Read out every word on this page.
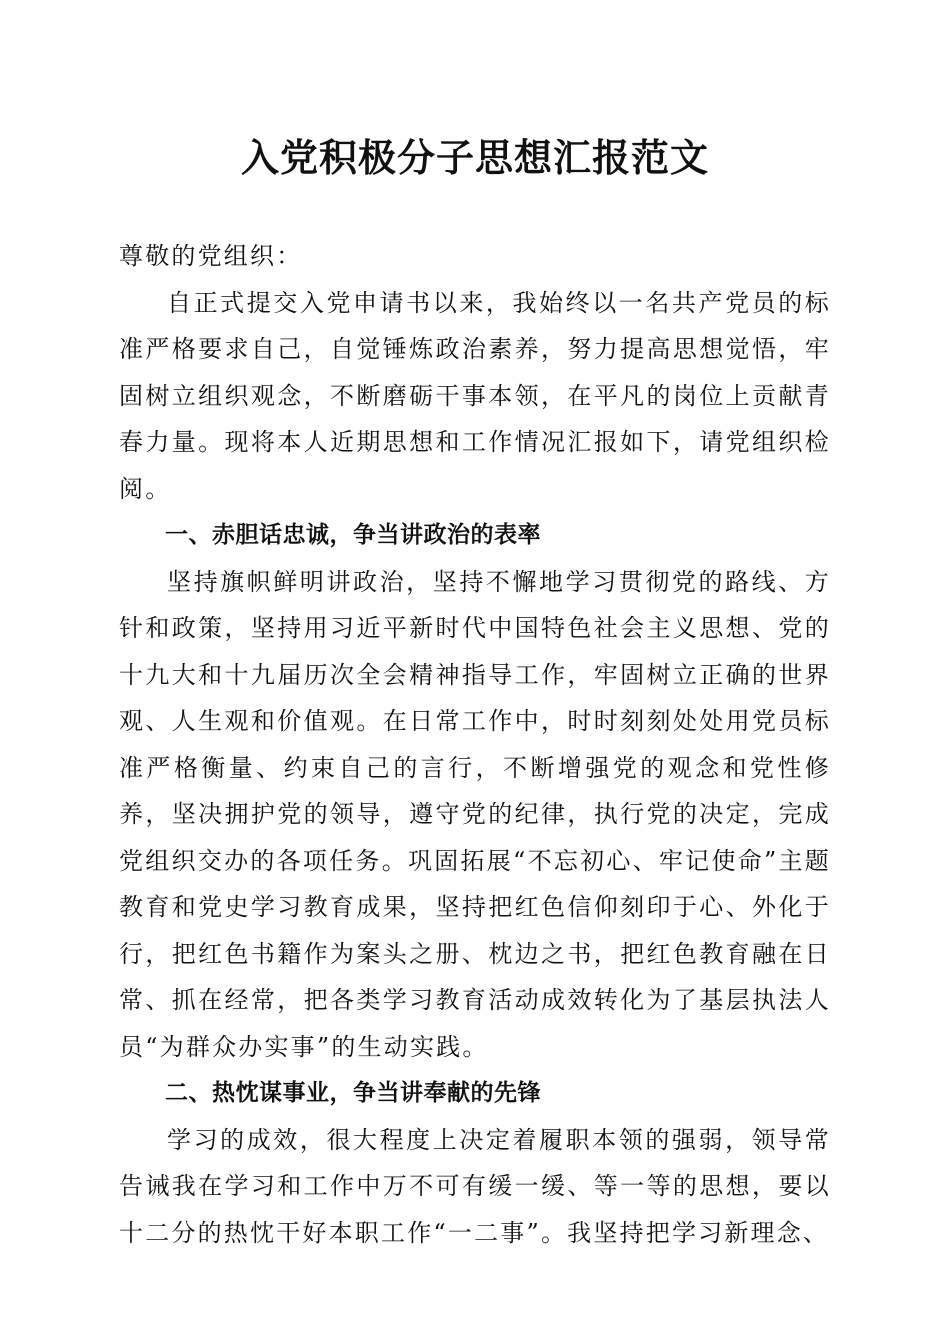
入党积极分子思想汇报范文

尊敬的党组织：

自正式提交入党申请书以来，我始终以一名共产党员的标准严格要求自己，自觉锤炼政治素养，努力提高思想觉悟，牢固树立组织观念，不断磨砺干事本领，在平凡的岗位上贡献青春力量。现将本人近期思想和工作情况汇报如下，请党组织检阅。

一、赤胆话忠诚，争当讲政治的表率

坚持旗帜鲜明讲政治，坚持不懈地学习贯彻党的路线、方针和政策，坚持用习近平新时代中国特色社会主义思想、党的十九大和十九届历次全会精神指导工作，牢固树立正确的世界观、人生观和价值观。在日常工作中，时时刻刻处处用党员标准严格衡量、约束自己的言行，不断增强党的观念和党性修养，坚决拥护党的领导，遵守党的纪律，执行党的决定，完成党组织交办的各项任务。巩固拓展“不忘初心、牢记使命”主题教育和党史学习教育成果，坚持把红色信仰刻印于心、外化于行，把红色书籍作为案头之册、枕边之书，把红色教育融在日常、抓在经常，把各类学习教育活动成效转化为了基层执法人员“为群众办实事”的生动实践。

二、热忱谋事业，争当讲奉献的先锋

学习的成效，很大程度上决定着履职本领的强弱，领导常告诫我在学习和工作中万不可有缓一缓、等一等的思想，要以十二分的热忱干好本职工作“一二事”。我坚持把学习新理念、
